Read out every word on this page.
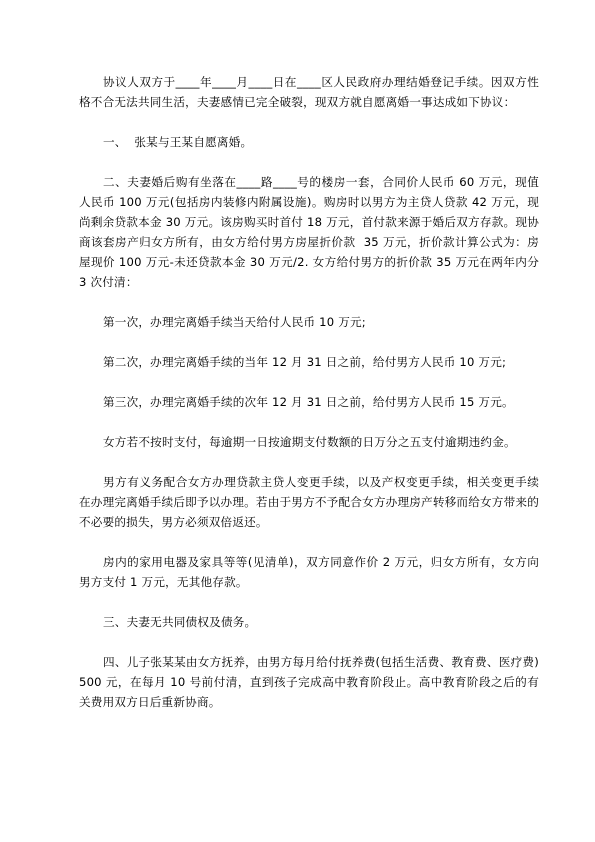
协议人双方于____年____月____日在____区人民政府办理结婚登记手续。因双方性格不合无法共同生活，夫妻感情已完全破裂，现双方就自愿离婚一事达成如下协议：

一、  张某与王某自愿离婚。

二、夫妻婚后购有坐落在____路____号的楼房一套，合同价人民币 60 万元，现值人民币 100 万元(包括房内装修内附属设施)。购房时以男方为主贷人贷款 42 万元，现尚剩余贷款本金 30 万元。该房购买时首付 18 万元，首付款来源于婚后双方存款。现协商该套房产归女方所有，由女方给付男方房屋折价款  35 万元，折价款计算公式为：房屋现价 100 万元-未还贷款本金 30 万元/2. 女方给付男方的折价款 35 万元在两年内分 3 次付清：

第一次，办理完离婚手续当天给付人民币 10 万元;

第二次，办理完离婚手续的当年 12 月 31 日之前，给付男方人民币 10 万元;

第三次，办理完离婚手续的次年 12 月 31 日之前，给付男方人民币 15 万元。

女方若不按时支付，每逾期一日按逾期支付数额的日万分之五支付逾期违约金。

男方有义务配合女方办理贷款主贷人变更手续，以及产权变更手续，相关变更手续在办理完离婚手续后即予以办理。若由于男方不予配合女方办理房产转移而给女方带来的不必要的损失，男方必须双倍返还。

房内的家用电器及家具等等(见清单)，双方同意作价 2 万元，归女方所有，女方向男方支付 1 万元，无其他存款。

三、夫妻无共同债权及债务。

四、儿子张某某由女方抚养，由男方每月给付抚养费(包括生活费、教育费、医疗费)500 元，在每月 10 号前付清，直到孩子完成高中教育阶段止。高中教育阶段之后的有关费用双方日后重新协商。
